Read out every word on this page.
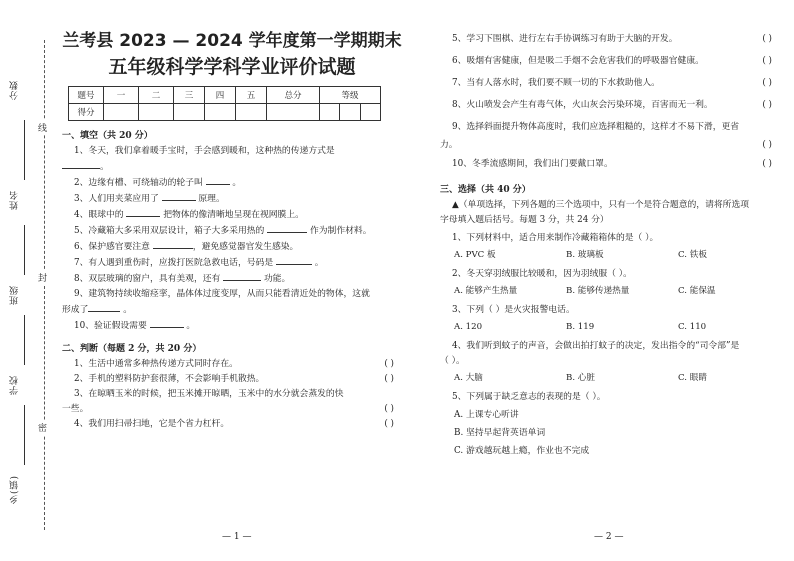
分数
姓名
班级
学校
乡(镇)
线
封
密

兰考县 2023 — 2024 学年度第一学期期末

五年级科学学科学业评价试题

题号	一	二	三	四	五	总分	等级		
得分									
一、填空（共 20 分）

1、冬天，我们拿着暖手宝时，手会感到暖和，这种热的传递方式是

。

2、边缘有槽、可绕轴动的轮子叫	。

3、人们用夹菜应用了	原理。

4、眼球中的	把物体的像清晰地呈现在视网膜上。

5、冷藏箱大多采用双层设计，箱子大多采用热的	作为制作材料。

6、保护感官要注意	，避免感觉器官发生感染。

7、有人遇到重伤时，应拨打医院急救电话，号码是	。

8、双层玻璃的窗户，具有美观，还有	功能。

9、建筑物持续收缩痉挛，晶体体过度变厚，从而只能看清近处的物体，这就

形成了	。

10、验证假设需要	。

二、判断（每题 2 分，共 20 分）

1、生活中通常多种热传递方式同时存在。	( )

2、手机的塑料防护套很薄，不会影响手机散热。	( )

3、在晾晒玉米的时候，把玉米摊开晾晒，玉米中的水分就会蒸发的快

一些。	( )

4、我们用扫帚扫地，它是个省力杠杆。	( )

5、学习下围棋、进行左右手协调练习有助于大脑的开发。	( )

6、吸烟有害健康，但是吸二手烟不会危害我们的呼吸器官健康。	( )

7、当有人落水时，我们要不顾一切的下水救助他人。	( )

8、火山喷发会产生有毒气体，火山灰会污染环境，百害而无一利。	( )

9、选择斜面提升物体高度时，我们应选择粗糙的，这样才不易下滑，更省

力。	( )

10、冬季流感期间，我们出门要戴口罩。	( )

三、选择（共 40 分）

▲（单项选择，下列各题的三个选项中，只有一个是符合题意的，请将所选项

字母填入题后括号。每题 3 分，共 24 分）

1、下列材料中，适合用来制作冷藏箱箱体的是（ ）。

A. PVC 板	B. 玻璃板	C. 铁板

2、冬天穿羽绒服比较暖和，因为羽绒服（ ）。

A. 能够产生热量	B. 能够传递热量	C. 能保温

3、下列（ ）是火灾报警电话。

A. 120	B. 119	C. 110

4、我们听到蚊子的声音，会做出拍打蚊子的决定，发出指令的“司令部”是

（ ）。

A. 大脑	B. 心脏	C. 眼睛

5、下列属于缺乏意志的表现的是（ ）。

A. 上课专心听讲

B. 坚持早起背英语单词

C. 游戏越玩越上瘾，作业也不完成

— 1 —	— 2 —
